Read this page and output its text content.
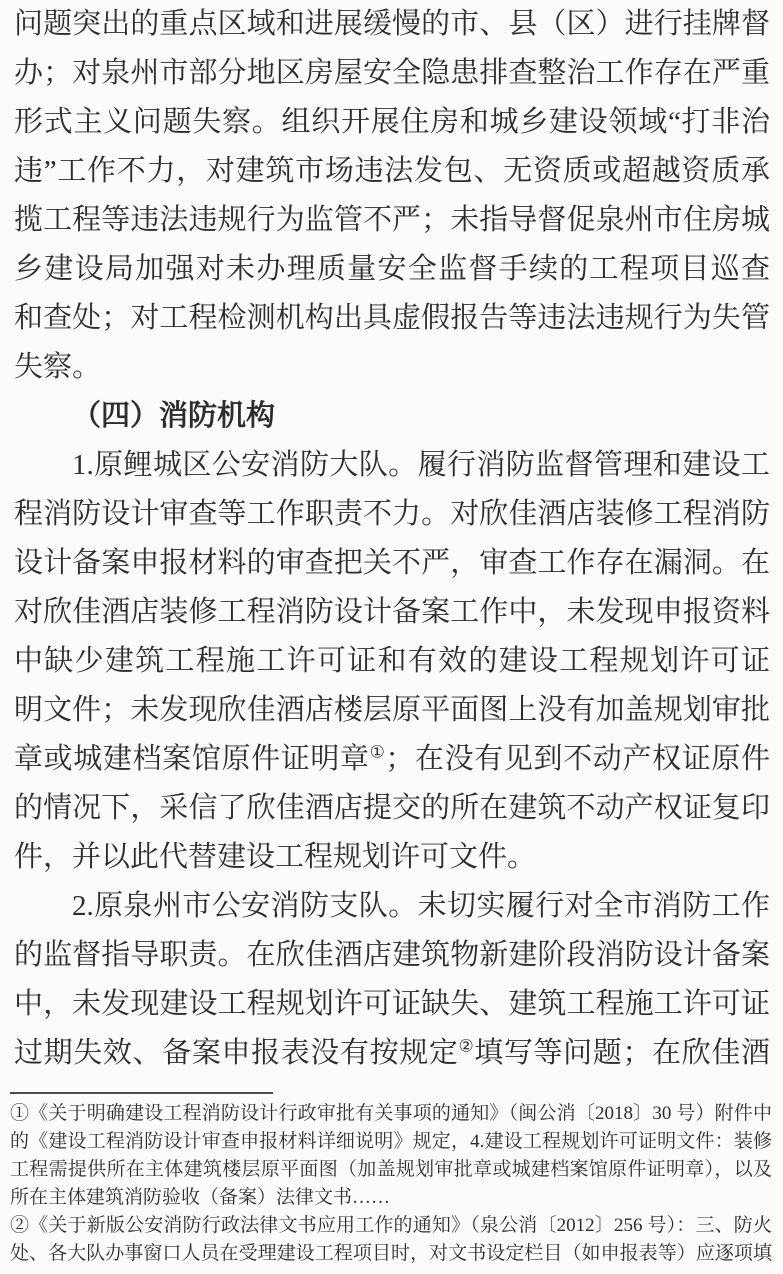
问题突出的重点区域和进展缓慢的市、县（区）进行挂牌督
办；对泉州市部分地区房屋安全隐患排查整治工作存在严重
形式主义问题失察。组织开展住房和城乡建设领域“打非治
违”工作不力，对建筑市场违法发包、无资质或超越资质承
揽工程等违法违规行为监管不严；未指导督促泉州市住房城
乡建设局加强对未办理质量安全监督手续的工程项目巡查
和查处；对工程检测机构出具虚假报告等违法违规行为失管
失察。
（四）消防机构
1.原鲤城区公安消防大队。履行消防监督管理和建设工
程消防设计审查等工作职责不力。对欣佳酒店装修工程消防
设计备案申报材料的审查把关不严，审查工作存在漏洞。在
对欣佳酒店装修工程消防设计备案工作中，未发现申报资料
中缺少建筑工程施工许可证和有效的建设工程规划许可证
明文件；未发现欣佳酒店楼层原平面图上没有加盖规划审批
章或城建档案馆原件证明章①；在没有见到不动产权证原件
的情况下，采信了欣佳酒店提交的所在建筑不动产权证复印
件，并以此代替建设工程规划许可文件。
2.原泉州市公安消防支队。未切实履行对全市消防工作
的监督指导职责。在欣佳酒店建筑物新建阶段消防设计备案
中，未发现建设工程规划许可证缺失、建筑工程施工许可证
过期失效、备案申报表没有按规定②填写等问题；在欣佳酒
①《关于明确建设工程消防设计行政审批有关事项的通知》（闽公消〔2018〕30 号）附件中
的《建设工程消防设计审查申报材料详细说明》规定，4.建设工程规划许可证明文件：装修
工程需提供所在主体建筑楼层原平面图（加盖规划审批章或城建档案馆原件证明章），以及
所在主体建筑消防验收（备案）法律文书……
②《关于新版公安消防行政法律文书应用工作的通知》（泉公消〔2012〕256 号）：三、防火
处、各大队办事窗口人员在受理建设工程项目时，对文书设定栏目（如申报表等）应逐项填
